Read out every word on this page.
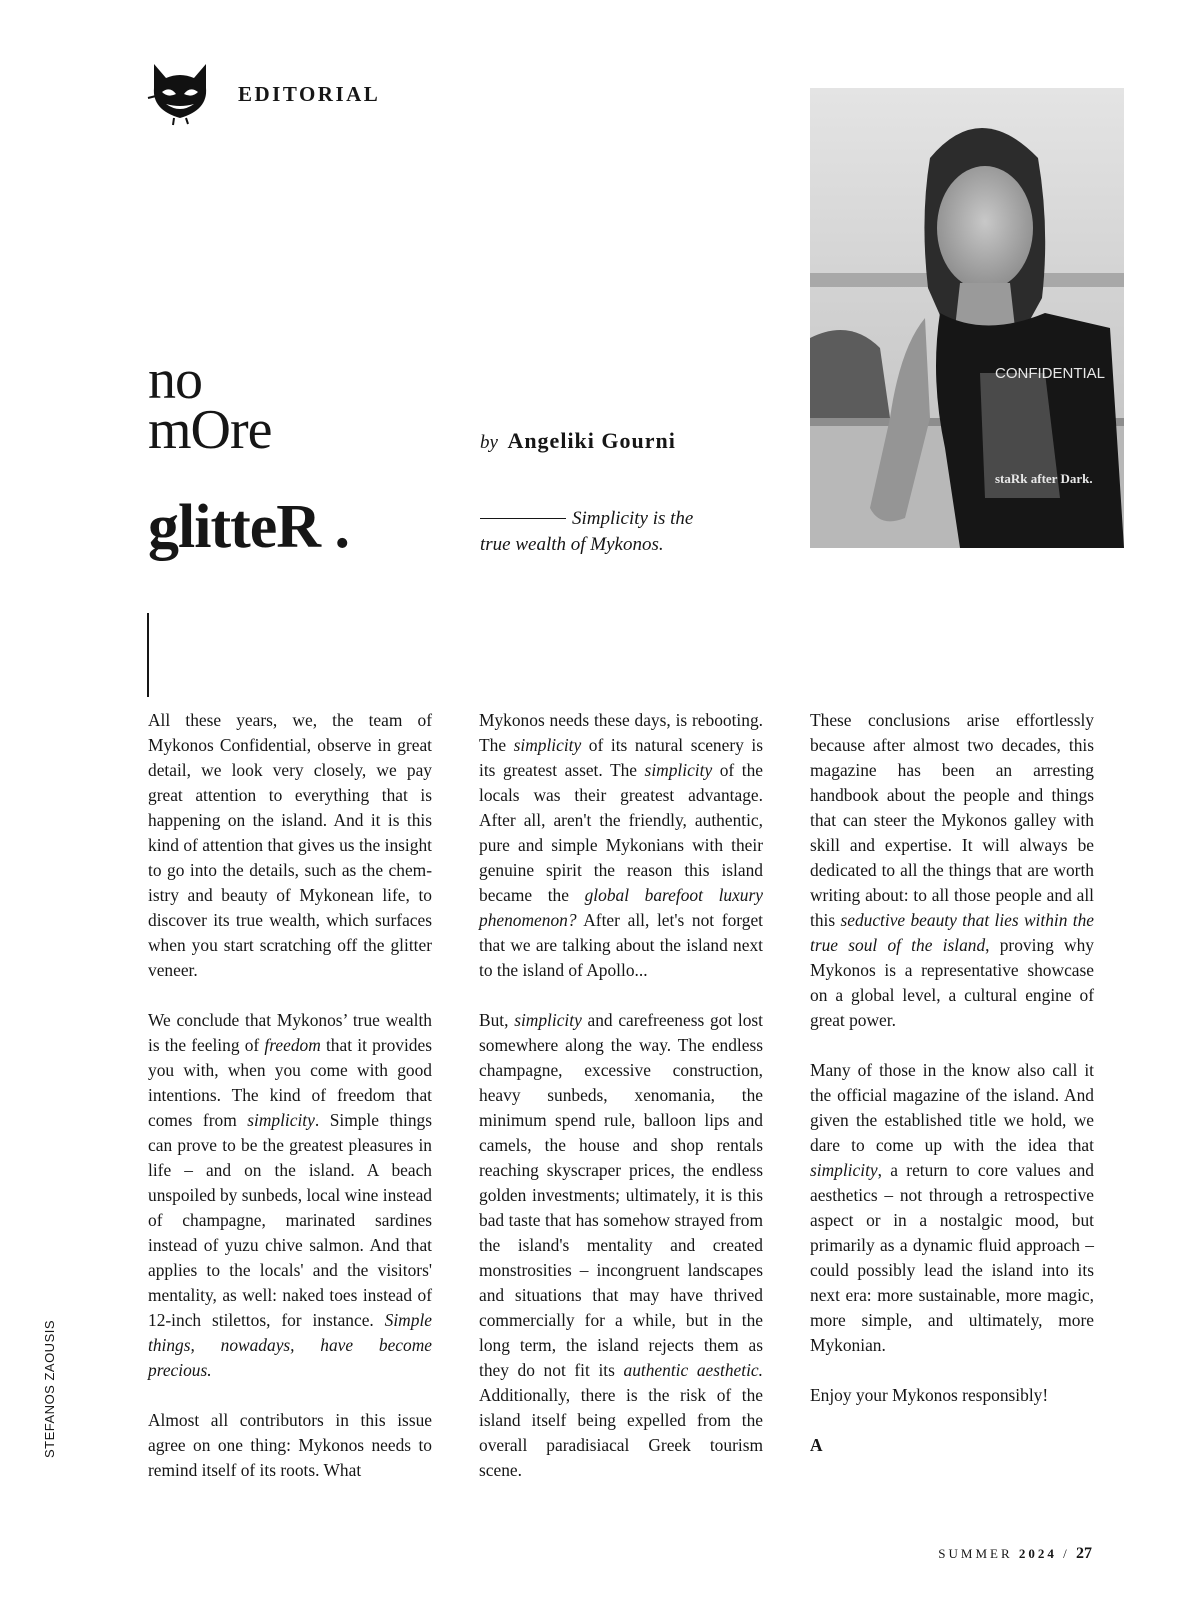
EDITORIAL
CONFIDENTIAL
staRk after Dark.
no
mOre
glitteR .
by Angeliki Gourni
Simplicity is the true wealth of Mykonos.

All these years, we, the team of Mykonos Confidential, observe in great detail, we look very closely, we pay great attention to everything that is happening on the island. And it is this kind of attention that gives us the insight to go into the details, such as the chemistry and beauty of Mykonean life, to discover its true wealth, which surfaces when you start scratching off the glitter veneer.

We conclude that Mykonos’ true wealth is the feeling of freedom that it provides you with, when you come with good intentions. The kind of freedom that comes from simplicity. Simple things can prove to be the greatest pleasures in life – and on the island. A beach unspoiled by sunbeds, local wine instead of champagne, marinated sardines instead of yuzu chive salmon. And that applies to the locals' and the visitors' mentality, as well: naked toes instead of 12-inch stilettos, for instance. Simple things, nowadays, have become precious.

Almost all contributors in this issue agree on one thing: Mykonos needs to remind itself of its roots. What

Mykonos needs these days, is rebooting. The simplicity of its natural scenery is its greatest asset. The simplicity of the locals was their greatest advantage. After all, aren't the friendly, authentic, pure and simple Mykonians with their genuine spirit the reason this island became the global barefoot luxury phenomenon? After all, let's not forget that we are talking about the island next to the island of Apollo...

But, simplicity and carefreeness got lost somewhere along the way. The endless champagne, excessive construction, heavy sunbeds, xenomania, the minimum spend rule, balloon lips and camels, the house and shop rentals reaching skyscraper prices, the endless golden investments; ultimately, it is this bad taste that has somehow strayed from the island's mentality and created monstrosities – incongruent landscapes and situations that may have thrived commercially for a while, but in the long term, the island rejects them as they do not fit its authentic aesthetic. Additionally, there is the risk of the island itself being expelled from the overall paradisiacal Greek tourism scene.

These conclusions arise effortlessly because after almost two decades, this magazine has been an arresting handbook about the people and things that can steer the Mykonos galley with skill and expertise. It will always be dedicated to all the things that are worth writing about: to all those people and all this seductive beauty that lies within the true soul of the island, proving why Mykonos is a representative showcase on a global level, a cultural engine of great power.

Many of those in the know also call it the official magazine of the island. And given the established title we hold, we dare to come up with the idea that simplicity, a return to core values and aesthetics – not through a retrospective aspect or in a nostalgic mood, but primarily as a dynamic fluid approach – could possibly lead the island into its next era: more sustainable, more magic, more simple, and ultimately, more Mykonian.

Enjoy your Mykonos responsibly!

A
STEFANOS ZAOUSIS
SUMMER 2024 / 27
